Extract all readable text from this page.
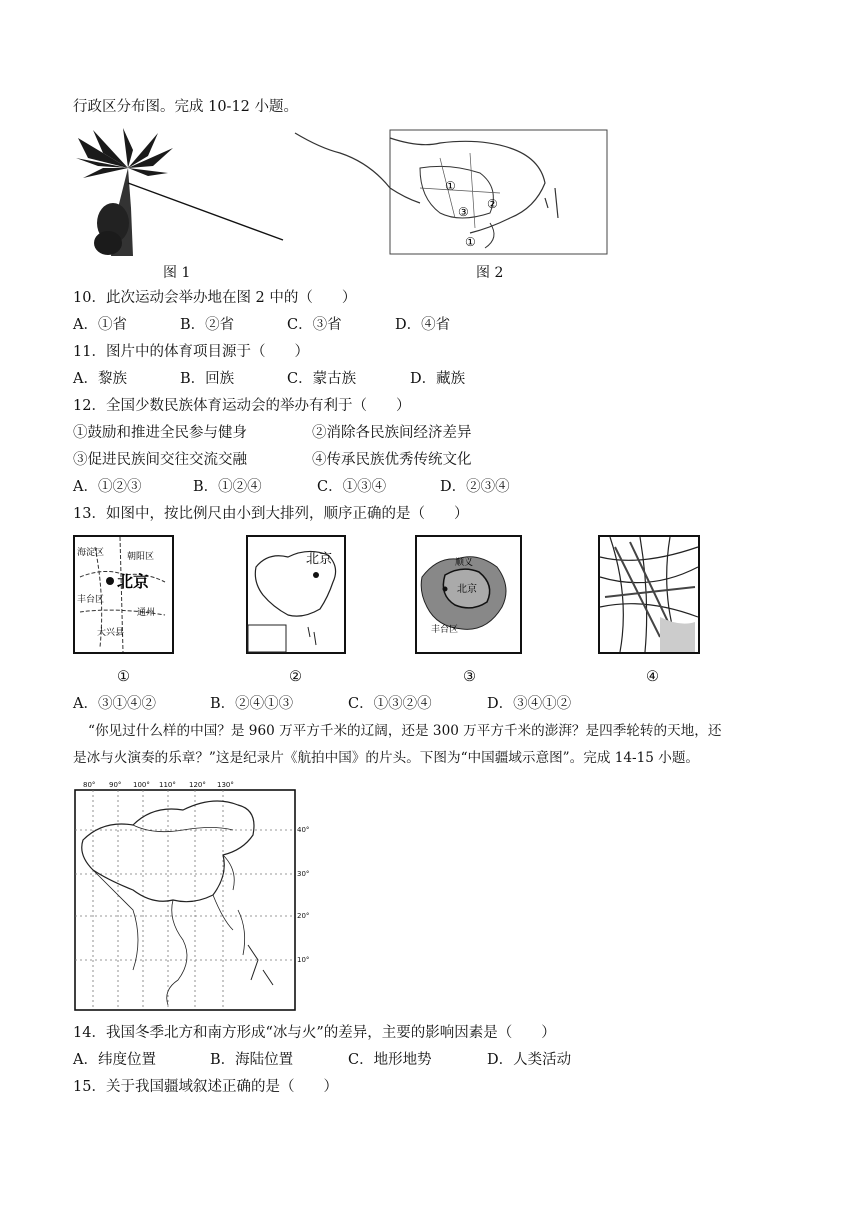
行政区分布图。完成 10-12 小题。
图 1
①
②
③
①
图 2
10．此次运动会举办地在图 2 中的（　　）
A．①省	B．②省	C．③省	D．④省
11．图片中的体育项目源于（　　）
A．黎族	B．回族	C．蒙古族	D．藏族
12．全国少数民族体育运动会的举办有利于（　　）
①鼓励和推进全民参与健身	②消除各民族间经济差异
③促进民族间交往交流交融	④传承民族优秀传统文化
A．①②③	B．①②④	C．①③④	D．②③④
13．如图中，按比例尺由小到大排列，顺序正确的是（　　）
海淀区	朝阳区
北京
丰台区
通州
大兴县
北京	顺义
北京
丰台区
①	②	③	④
A．③①④②	B．②④①③	C．①③②④	D．③④①②
“你见过什么样的中国？是 960 万平方千米的辽阔，还是 300 万平方千米的澎湃？是四季轮转的天地，还
是冰与火演奏的乐章？”这是纪录片《航拍中国》的片头。下图为“中国疆域示意图”。完成 14-15 小题。
80° 90° 100° 110° 120° 130°
40°
30°
20°
10°
14．我国冬季北方和南方形成“冰与火”的差异，主要的影响因素是（　　）
A．纬度位置	B．海陆位置	C．地形地势	D．人类活动
15．关于我国疆域叙述正确的是（　　）
